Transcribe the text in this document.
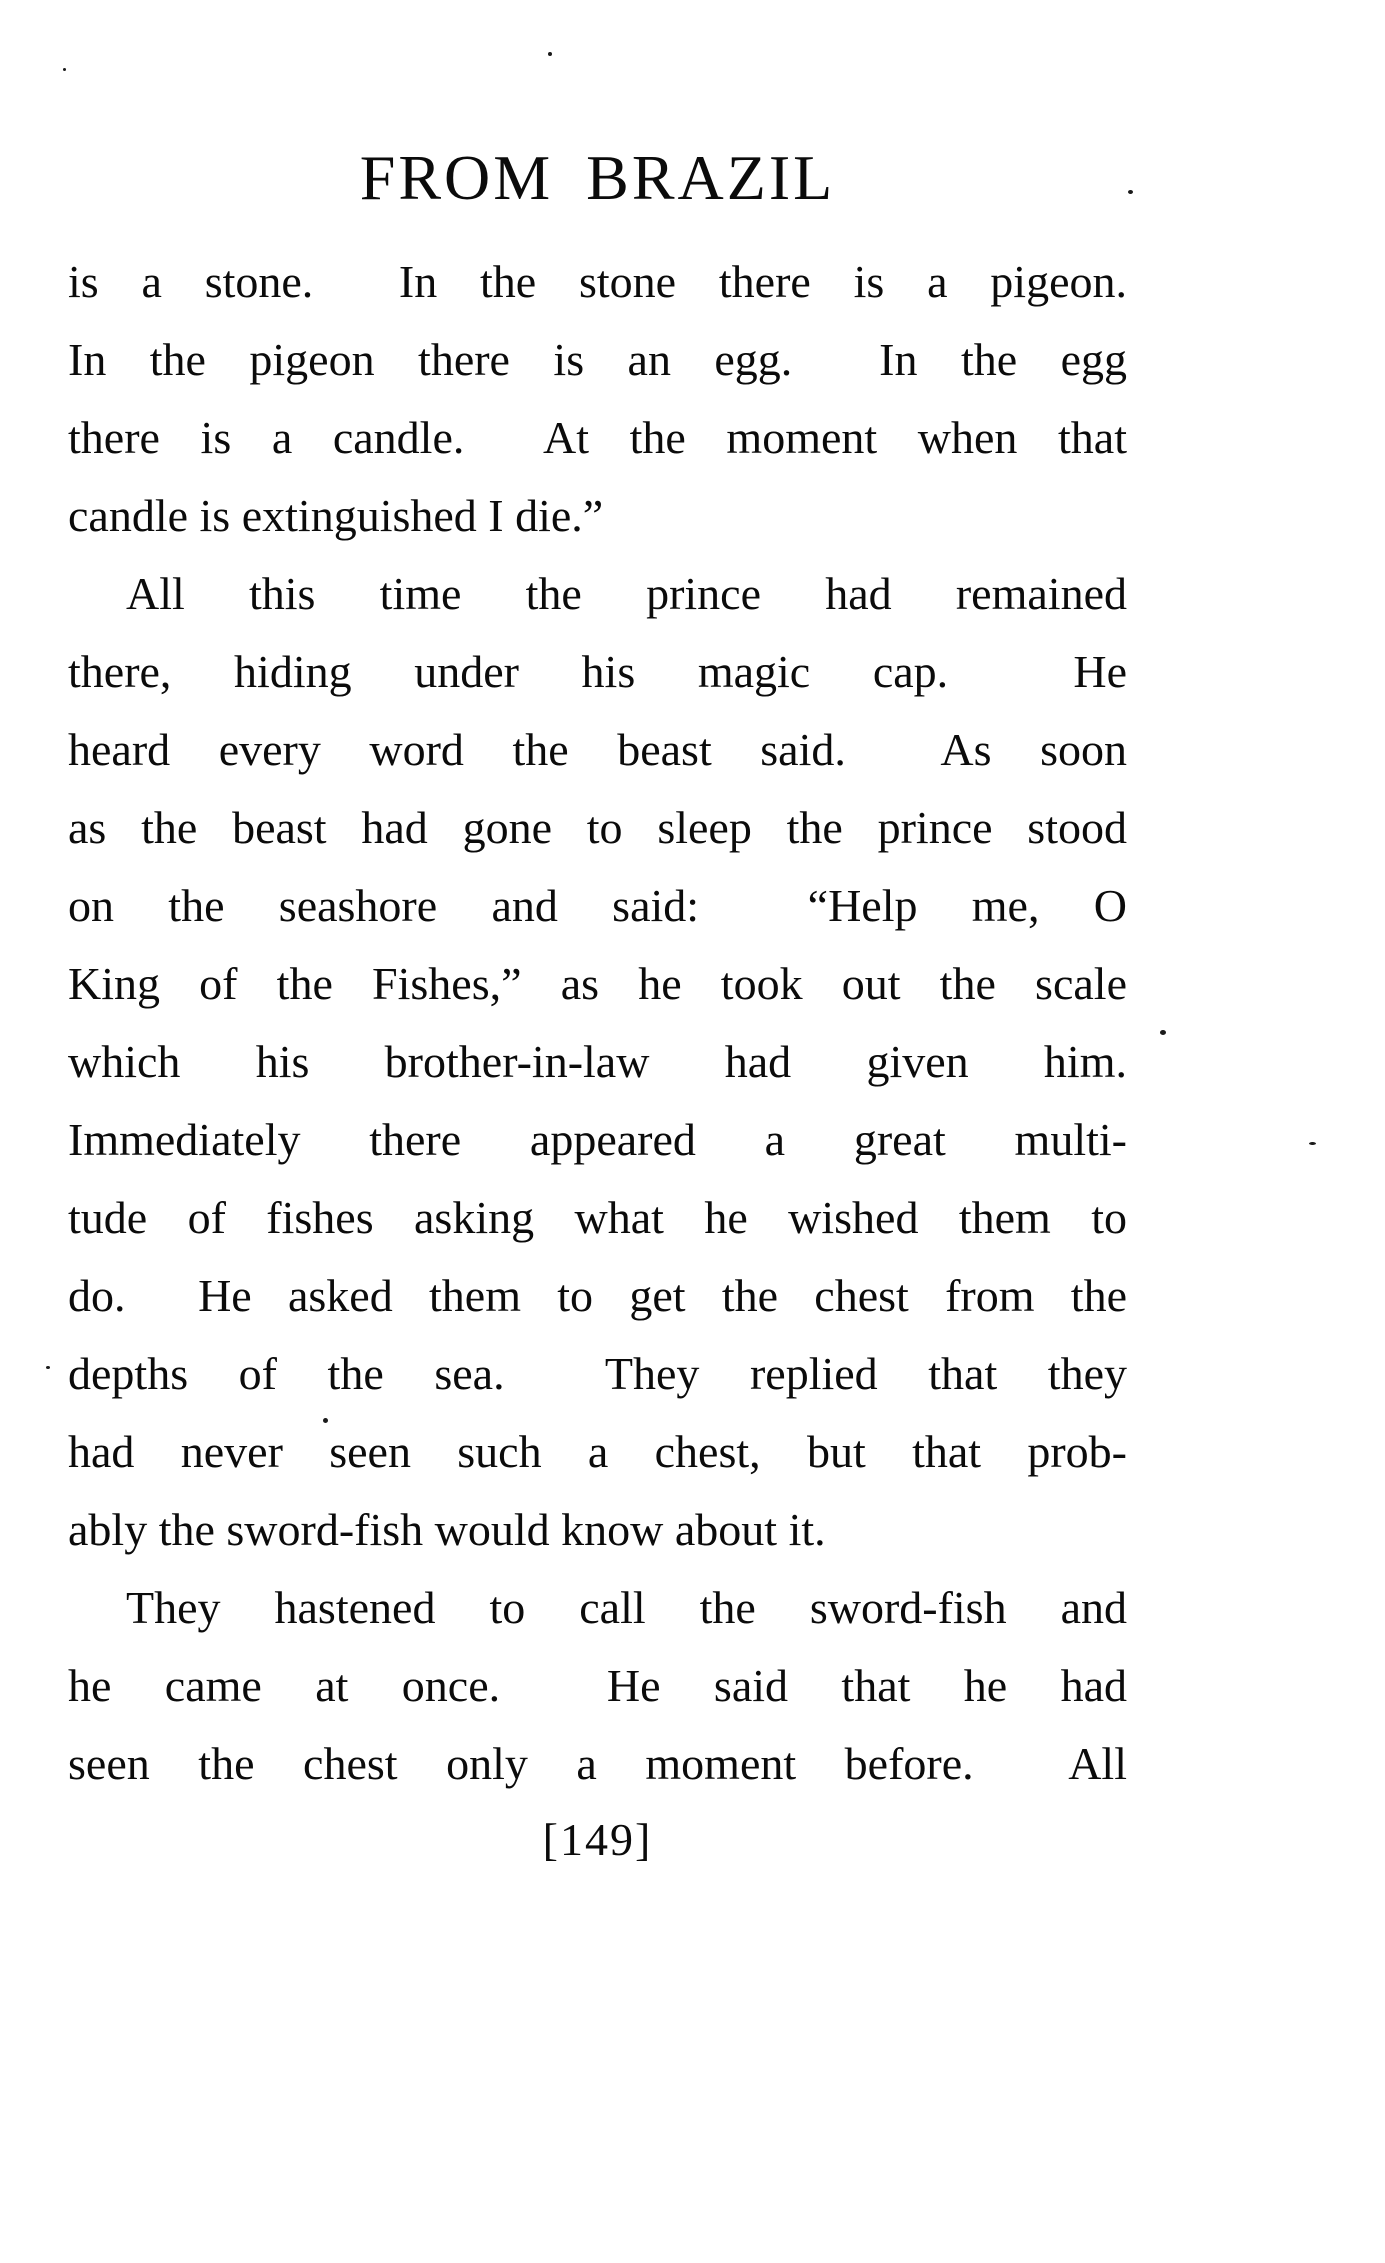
FROM BRAZIL
is a stone.  In the stone there is a pigeon.
In the pigeon there is an egg.  In the egg
there is a candle.  At the moment when that
candle is extinguished I die.”
All this time the prince had remained
there, hiding under his magic cap.  He
heard every word the beast said.  As soon
as the beast had gone to sleep the prince stood
on the seashore and said:  “Help me, O
King of the Fishes,” as he took out the scale
which his brother-in-law had given him.
Immediately there appeared a great multi-
tude of fishes asking what he wished them to
do.  He asked them to get the chest from the
depths of the sea.  They replied that they
had never seen such a chest, but that prob-
ably the sword-fish would know about it.
They hastened to call the sword-fish and
he came at once.  He said that he had
seen the chest only a moment before.  All
[149]
